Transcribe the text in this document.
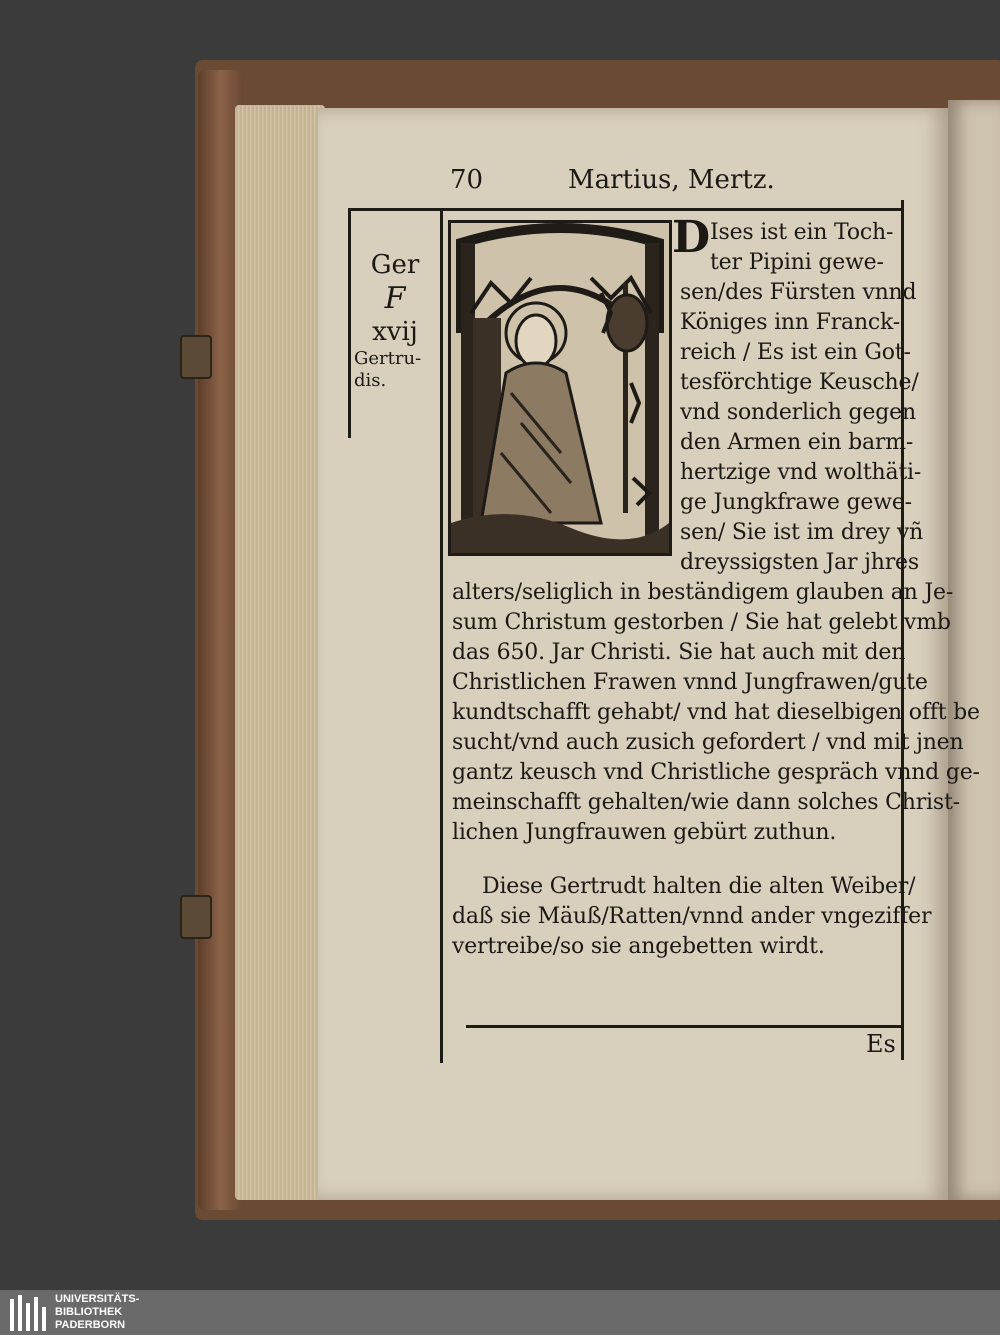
70	Martius, Mertz.
Ger
F
xvij
Gertru-
dis.
D Ises ist ein Toch-
ter Pipini gewe-
sen/des Fürsten vnnd
Königes inn Franck-
reich / Es ist ein Got-
tesförchtige Keusche/
vnd sonderlich gegen
den Armen ein barm-
hertzige vnd wolthäti-
ge Jungkfrawe gewe-
sen/ Sie ist im drey vñ
dreyssigsten Jar jhres
alters/seliglich in beständigem glauben an Je-
sum Christum gestorben / Sie hat gelebt vmb
das 650. Jar Christi. Sie hat auch mit den
Christlichen Frawen vnnd Jungfrawen/gute
kundtschafft gehabt/ vnd hat dieselbigen offt be
sucht/vnd auch zusich gefordert / vnd mit jnen
gantz keusch vnd Christliche gespräch vnnd ge-
meinschafft gehalten/wie dann solches Christ-
lichen Jungfrauwen gebürt zuthun.
Diese Gertrudt halten die alten Weiber/
daß sie Mäuß/Ratten/vnnd ander vngeziffer
vertreibe/so sie angebetten wirdt.
Es
UNIVERSITÄTS-
BIBLIOTHEK
PADERBORN
